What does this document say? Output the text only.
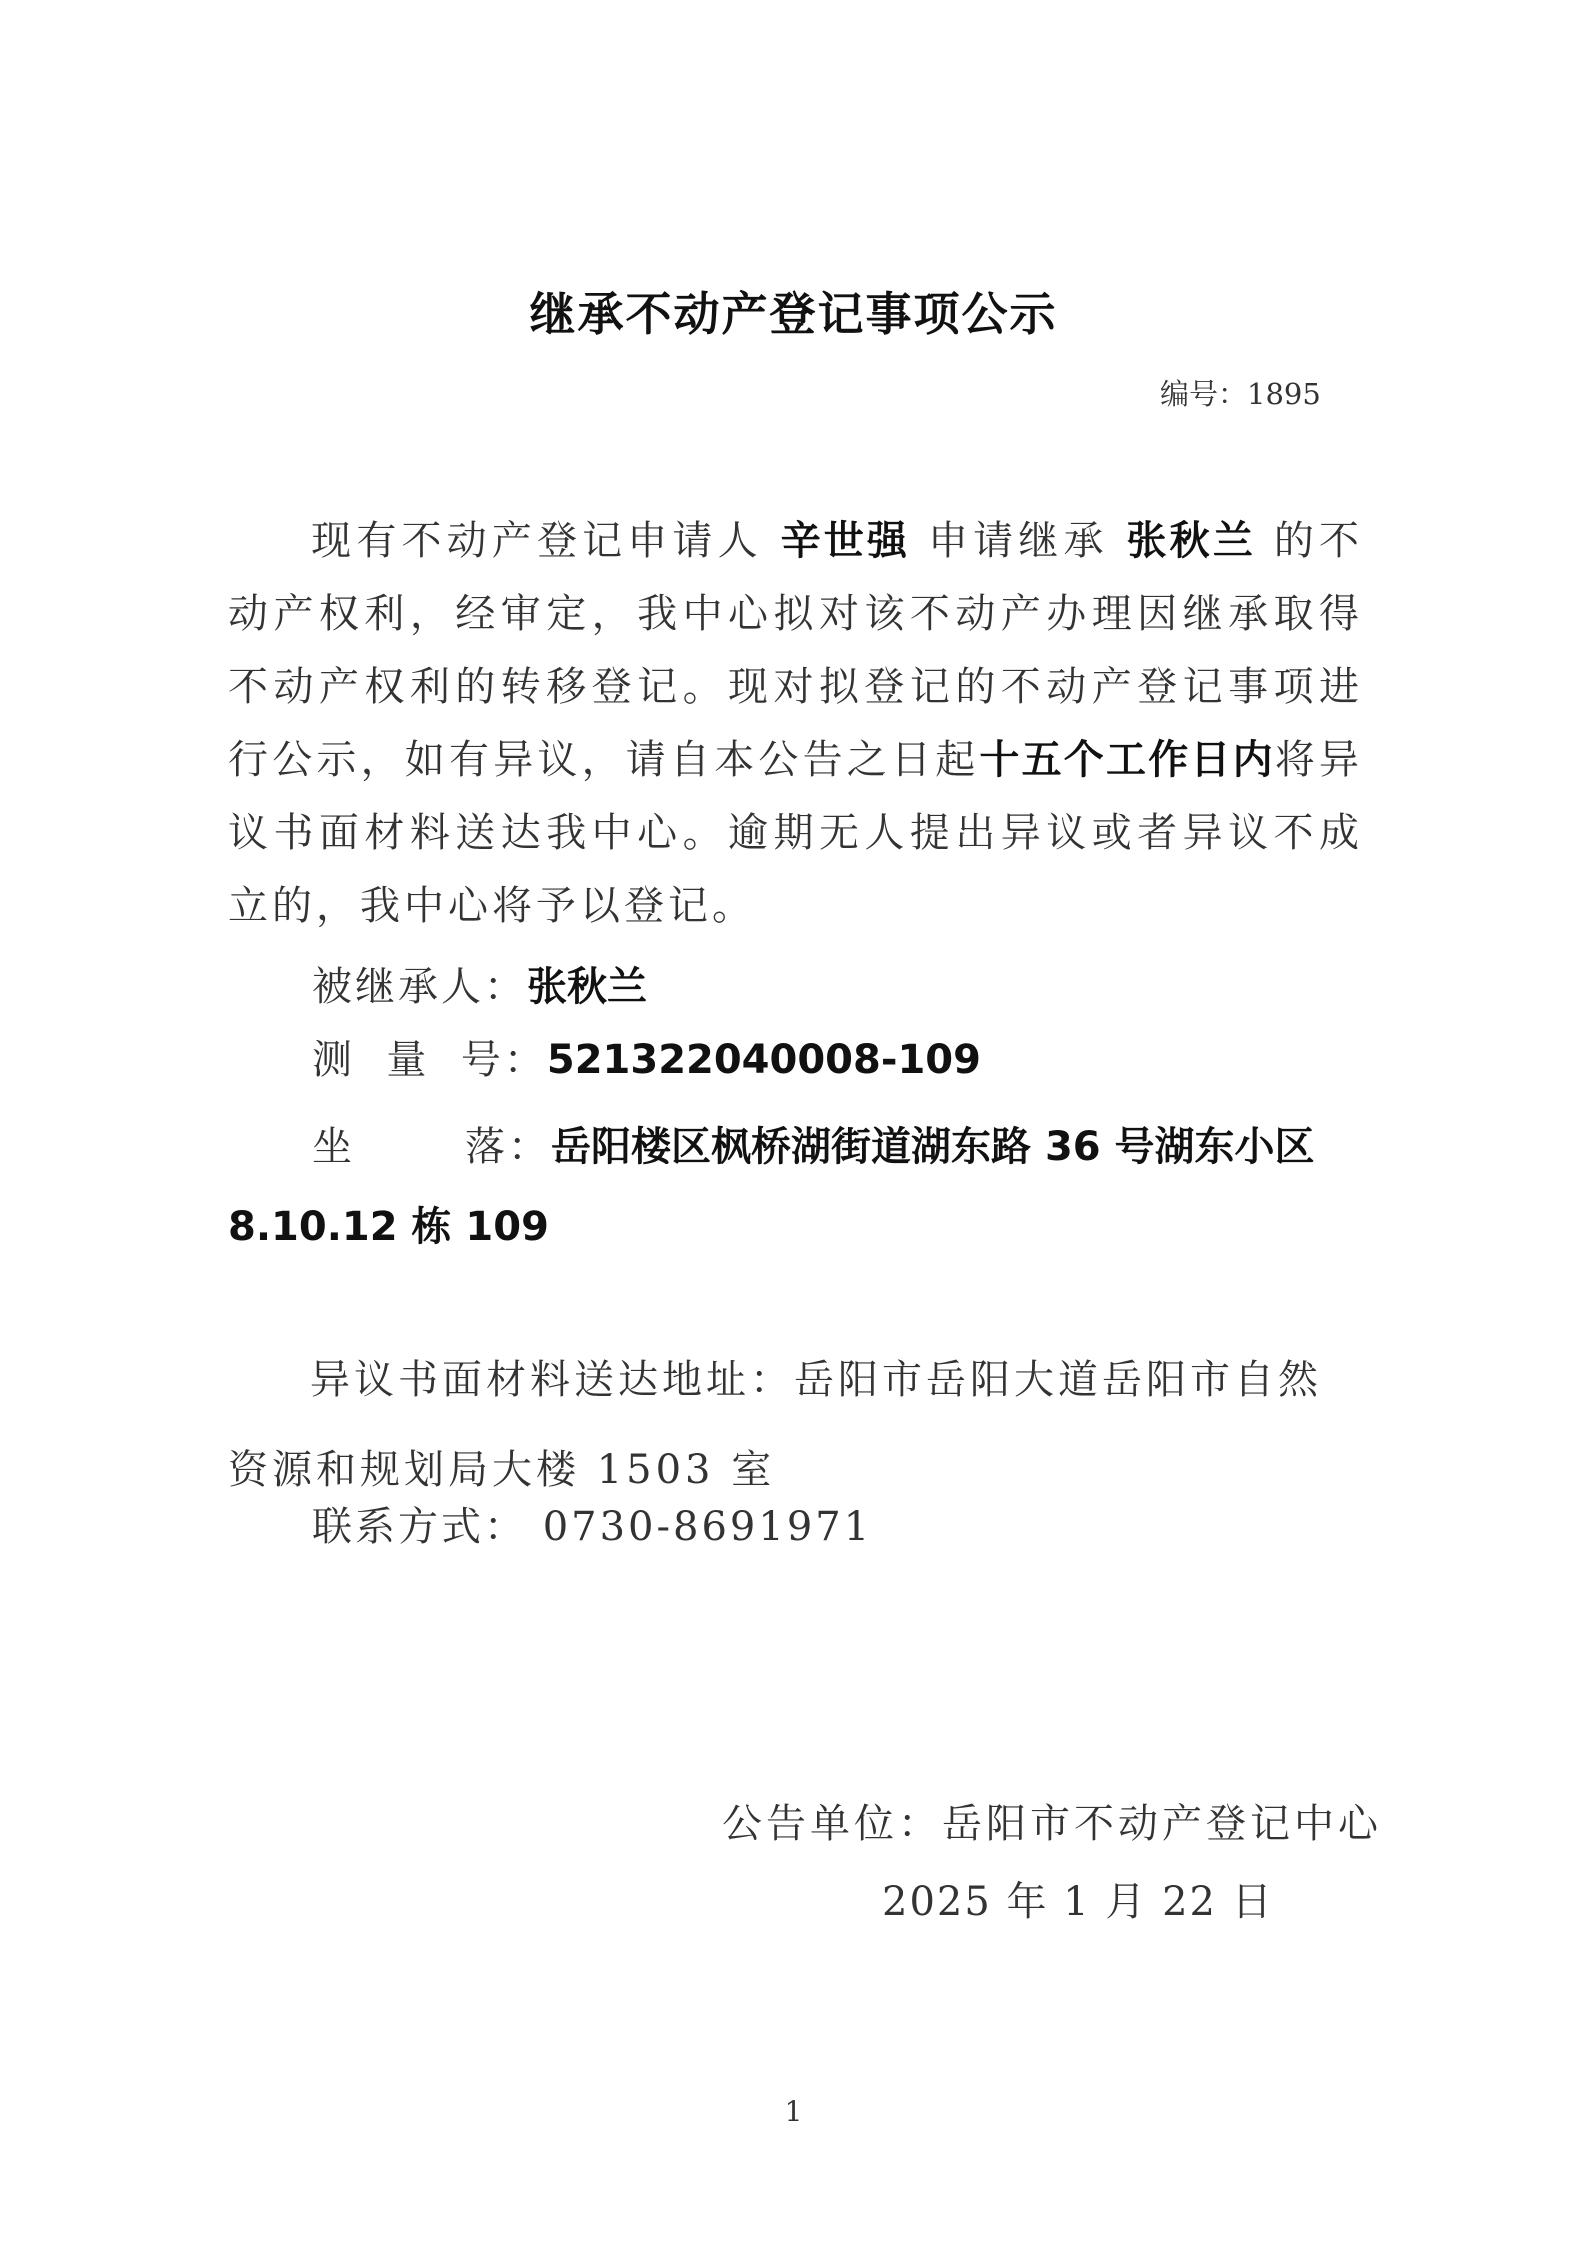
继承不动产登记事项公示
编号：1895
现有不动产登记申请人 辛世强 申请继承 张秋兰 的不动产权利，经审定，我中心拟对该不动产办理因继承取得不动产权利的转移登记。现对拟登记的不动产登记事项进行公示，如有异议，请自本公告之日起十五个工作日内将异议书面材料送达我中心。逾期无人提出异议或者异议不成立的，我中心将予以登记。
被继承人：张秋兰
测  量  号：521322040008-109
坐       落：岳阳楼区枫桥湖街道湖东路 36 号湖东小区
8.10.12 栋 109
异议书面材料送达地址：岳阳市岳阳大道岳阳市自然资源和规划局大楼 1503 室
联系方式： 0730-8691971
公告单位：岳阳市不动产登记中心
2025 年 1 月 22 日
1
